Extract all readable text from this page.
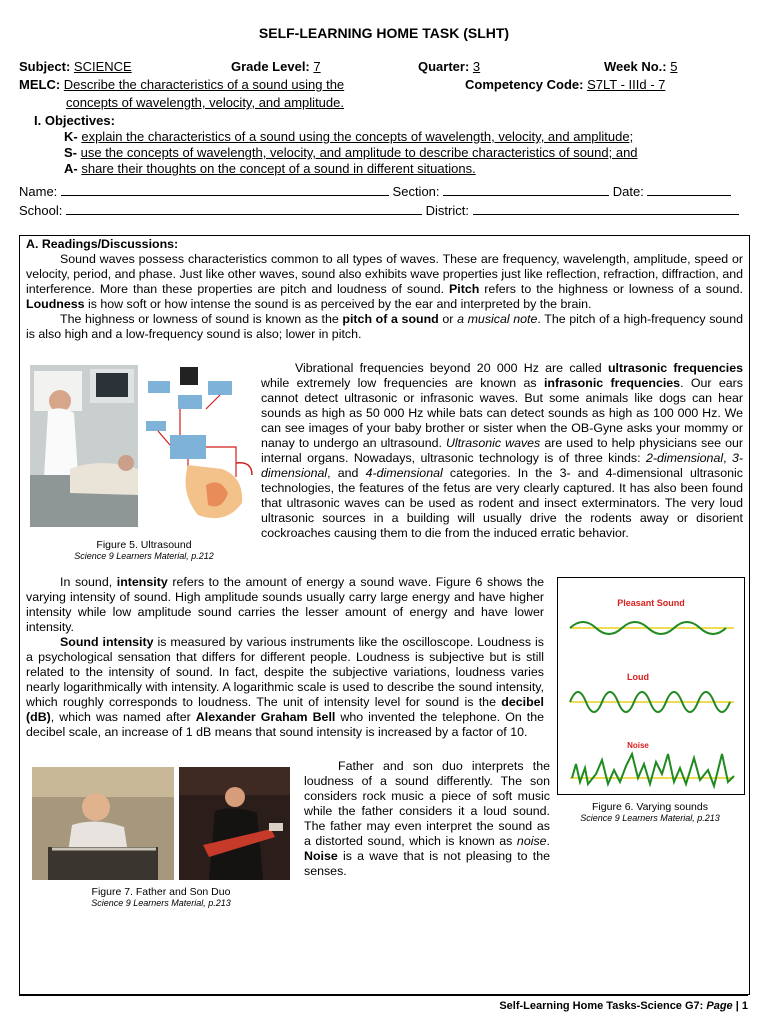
SELF-LEARNING HOME TASK (SLHT)
Subject: SCIENCE	Grade Level: 7	Quarter: 3	Week No.: 5
MELC: Describe the characteristics of a sound using the
concepts of wavelength, velocity, and amplitude.
Competency Code: S7LT - IIId - 7
I. Objectives:
K- explain the characteristics of a sound using the concepts of wavelength, velocity, and amplitude;
S- use the concepts of wavelength, velocity, and amplitude to describe characteristics of sound; and
A- share their thoughts on the concept of a sound in different situations.
Name:	Section:	Date:
School:	District:

A. Readings/Discussions:

Sound waves possess characteristics common to all types of waves. These are frequency, wavelength, amplitude, speed or velocity, period, and phase. Just like other waves, sound also exhibits wave properties just like reflection, refraction, diffraction, and interference. More than these properties are pitch and loudness of sound. Pitch refers to the highness or lowness of a sound. Loudness is how soft or how intense the sound is as perceived by the ear and interpreted by the brain.

The highness or lowness of sound is known as the pitch of a sound or a musical note. The pitch of a high-frequency sound is also high and a low-frequency sound is also; lower in pitch.

Figure 5. Ultrasound
Science 9 Learners Material, p.212

Vibrational frequencies beyond 20 000 Hz are called ultrasonic frequencies while extremely low frequencies are known as infrasonic frequencies. Our ears cannot detect ultrasonic or infrasonic waves. But some animals like dogs can hear sounds as high as 50 000 Hz while bats can detect sounds as high as 100 000 Hz. We can see images of your baby brother or sister when the OB-Gyne asks your mommy or nanay to undergo an ultrasound. Ultrasonic waves are used to help physicians see our internal organs. Nowadays, ultrasonic technology is of three kinds: 2-dimensional, 3-dimensional, and 4-dimensional categories. In the 3- and 4-dimensional ultrasonic technologies, the features of the fetus are very clearly captured. It has also been found that ultrasonic waves can be used as rodent and insect exterminators. The very loud ultrasonic sources in a building will usually drive the rodents away or disorient cockroaches causing them to die from the induced erratic behavior.

In sound, intensity refers to the amount of energy a sound wave. Figure 6 shows the varying intensity of sound. High amplitude sounds usually carry large energy and have higher intensity while low amplitude sound carries the lesser amount of energy and have lower intensity.

Sound intensity is measured by various instruments like the oscilloscope. Loudness is a psychological sensation that differs for different people. Loudness is subjective but is still related to the intensity of sound. In fact, despite the subjective variations, loudness varies nearly logarithmically with intensity. A logarithmic scale is used to describe the sound intensity, which roughly corresponds to loudness. The unit of intensity level for sound is the decibel (dB), which was named after Alexander Graham Bell who invented the telephone. On the decibel scale, an increase of 1 dB means that sound intensity is increased by a factor of 10.

Pleasant Sound
Loud
Noise
Figure 6. Varying sounds
Science 9 Learners Material, p.213
Figure 7. Father and Son Duo
Science 9 Learners Material, p.213

Father and son duo interprets the loudness of a sound differently. The son considers rock music a piece of soft music while the father considers it a loud sound. The father may even interpret the sound as a distorted sound, which is known as noise. Noise is a wave that is not pleasing to the senses.

Self-Learning Home Tasks-Science G7: Page | 1
